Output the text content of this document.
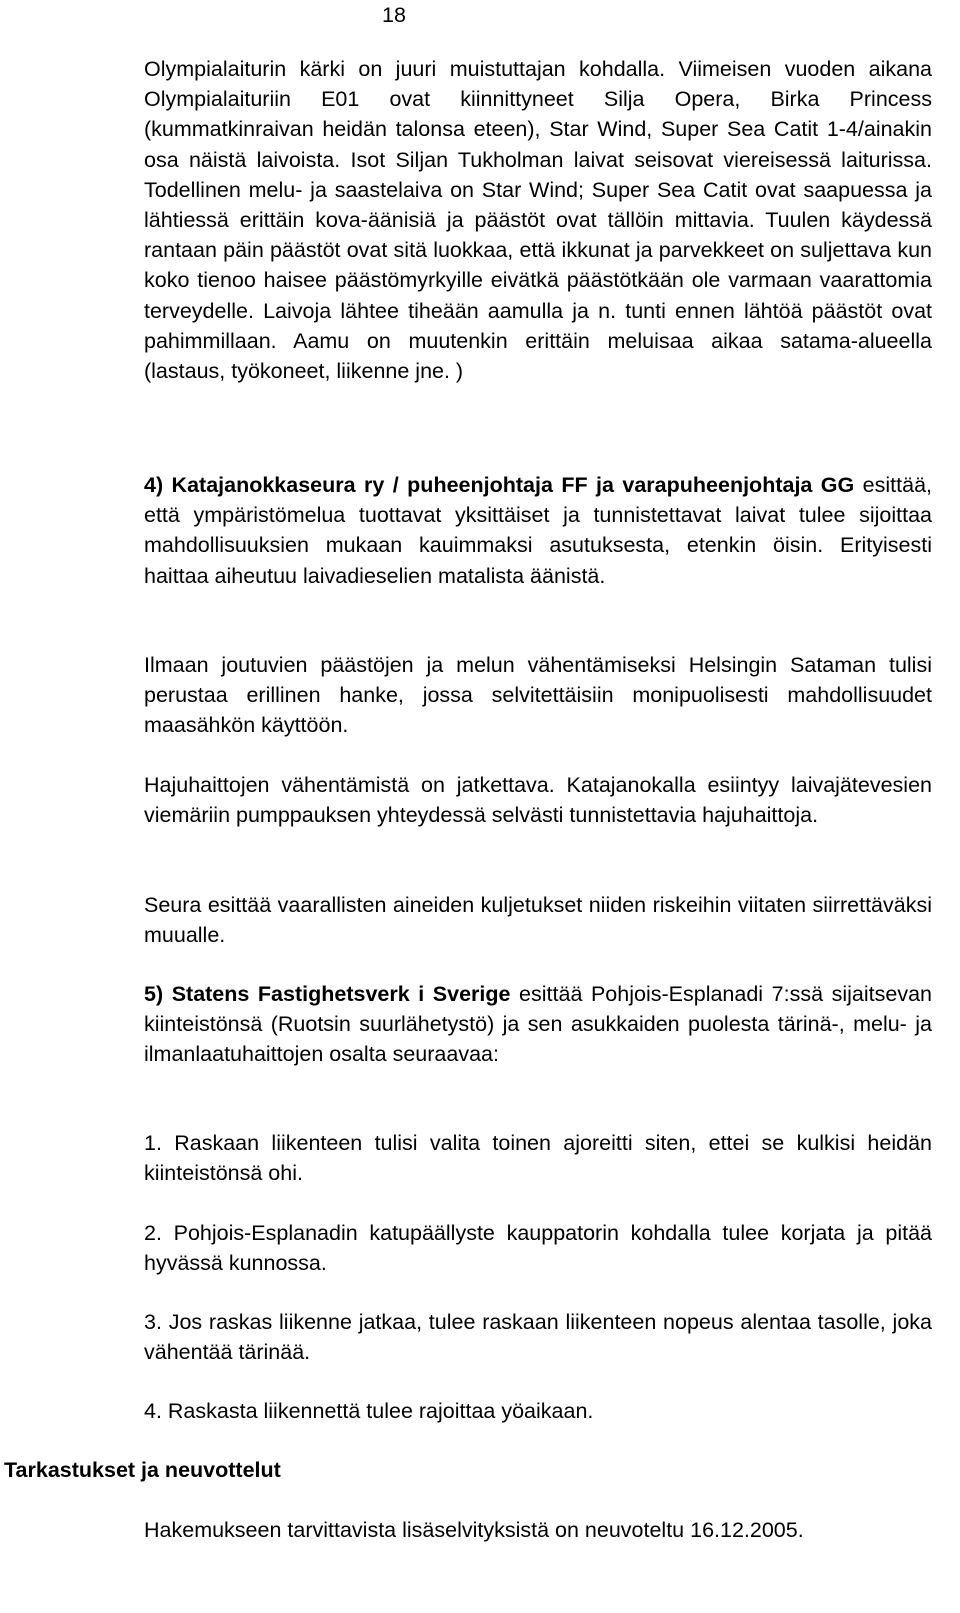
18

Olympialaiturin kärki on juuri muistuttajan kohdalla. Viimeisen vuoden aikana Olympialaituriin E01 ovat kiinnittyneet Silja Opera, Birka Princess (kummatkinraivan heidän talonsa eteen), Star Wind, Super Sea Catit 1-4/ainakin osa näistä laivoista. Isot Siljan Tukholman laivat seisovat viereisessä laiturissa. Todellinen melu- ja saastelaiva on Star Wind; Super Sea Catit ovat saapuessa ja lähtiessä erittäin kova-äänisiä ja päästöt ovat tällöin mittavia. Tuulen käydessä rantaan päin päästöt ovat sitä luokkaa, että ikkunat ja parvekkeet on suljettava kun koko tienoo haisee päästömyrkyille eivätkä päästötkään ole varmaan vaarattomia terveydelle. Laivoja lähtee tiheään aamulla ja n. tunti ennen lähtöä päästöt ovat pahimmillaan. Aamu on muutenkin erittäin meluisaa aikaa satama-alueella (lastaus, työkoneet, liikenne jne. )

4) Katajanokkaseura ry / puheenjohtaja FF ja varapuheenjohtaja GG esittää, että ympäristömelua tuottavat yksittäiset ja tunnistettavat laivat tulee sijoittaa mahdollisuuksien mukaan kauimmaksi asutuksesta, etenkin öisin. Erityisesti haittaa aiheutuu laivadieselien matalista äänistä.

Ilmaan joutuvien päästöjen ja melun vähentämiseksi Helsingin Sataman tulisi perustaa erillinen hanke, jossa selvitettäisiin monipuolisesti mahdollisuudet maasähkön käyttöön.

Hajuhaittojen vähentämistä on jatkettava. Katajanokalla esiintyy laivajätevesien viemäriin pumppauksen yhteydessä selvästi tunnistettavia hajuhaittoja.

Seura esittää vaarallisten aineiden kuljetukset niiden riskeihin viitaten siirrettäväksi muualle.

5) Statens Fastighetsverk i Sverige esittää Pohjois-Esplanadi 7:ssä sijaitsevan kiinteistönsä (Ruotsin suurlähetystö) ja sen asukkaiden puolesta tärinä-, melu- ja ilmanlaatuhaittojen osalta seuraavaa:

1. Raskaan liikenteen tulisi valita toinen ajoreitti siten, ettei se kulkisi heidän kiinteistönsä ohi.

2. Pohjois-Esplanadin katupäällyste kauppatorin kohdalla tulee korjata ja pitää hyvässä kunnossa.

3. Jos raskas liikenne jatkaa, tulee raskaan liikenteen nopeus alentaa tasolle, joka vähentää tärinää.

4. Raskasta liikennettä tulee rajoittaa yöaikaan.

Tarkastukset ja neuvottelut

Hakemukseen tarvittavista lisäselvityksistä on neuvoteltu 16.12.2005.
